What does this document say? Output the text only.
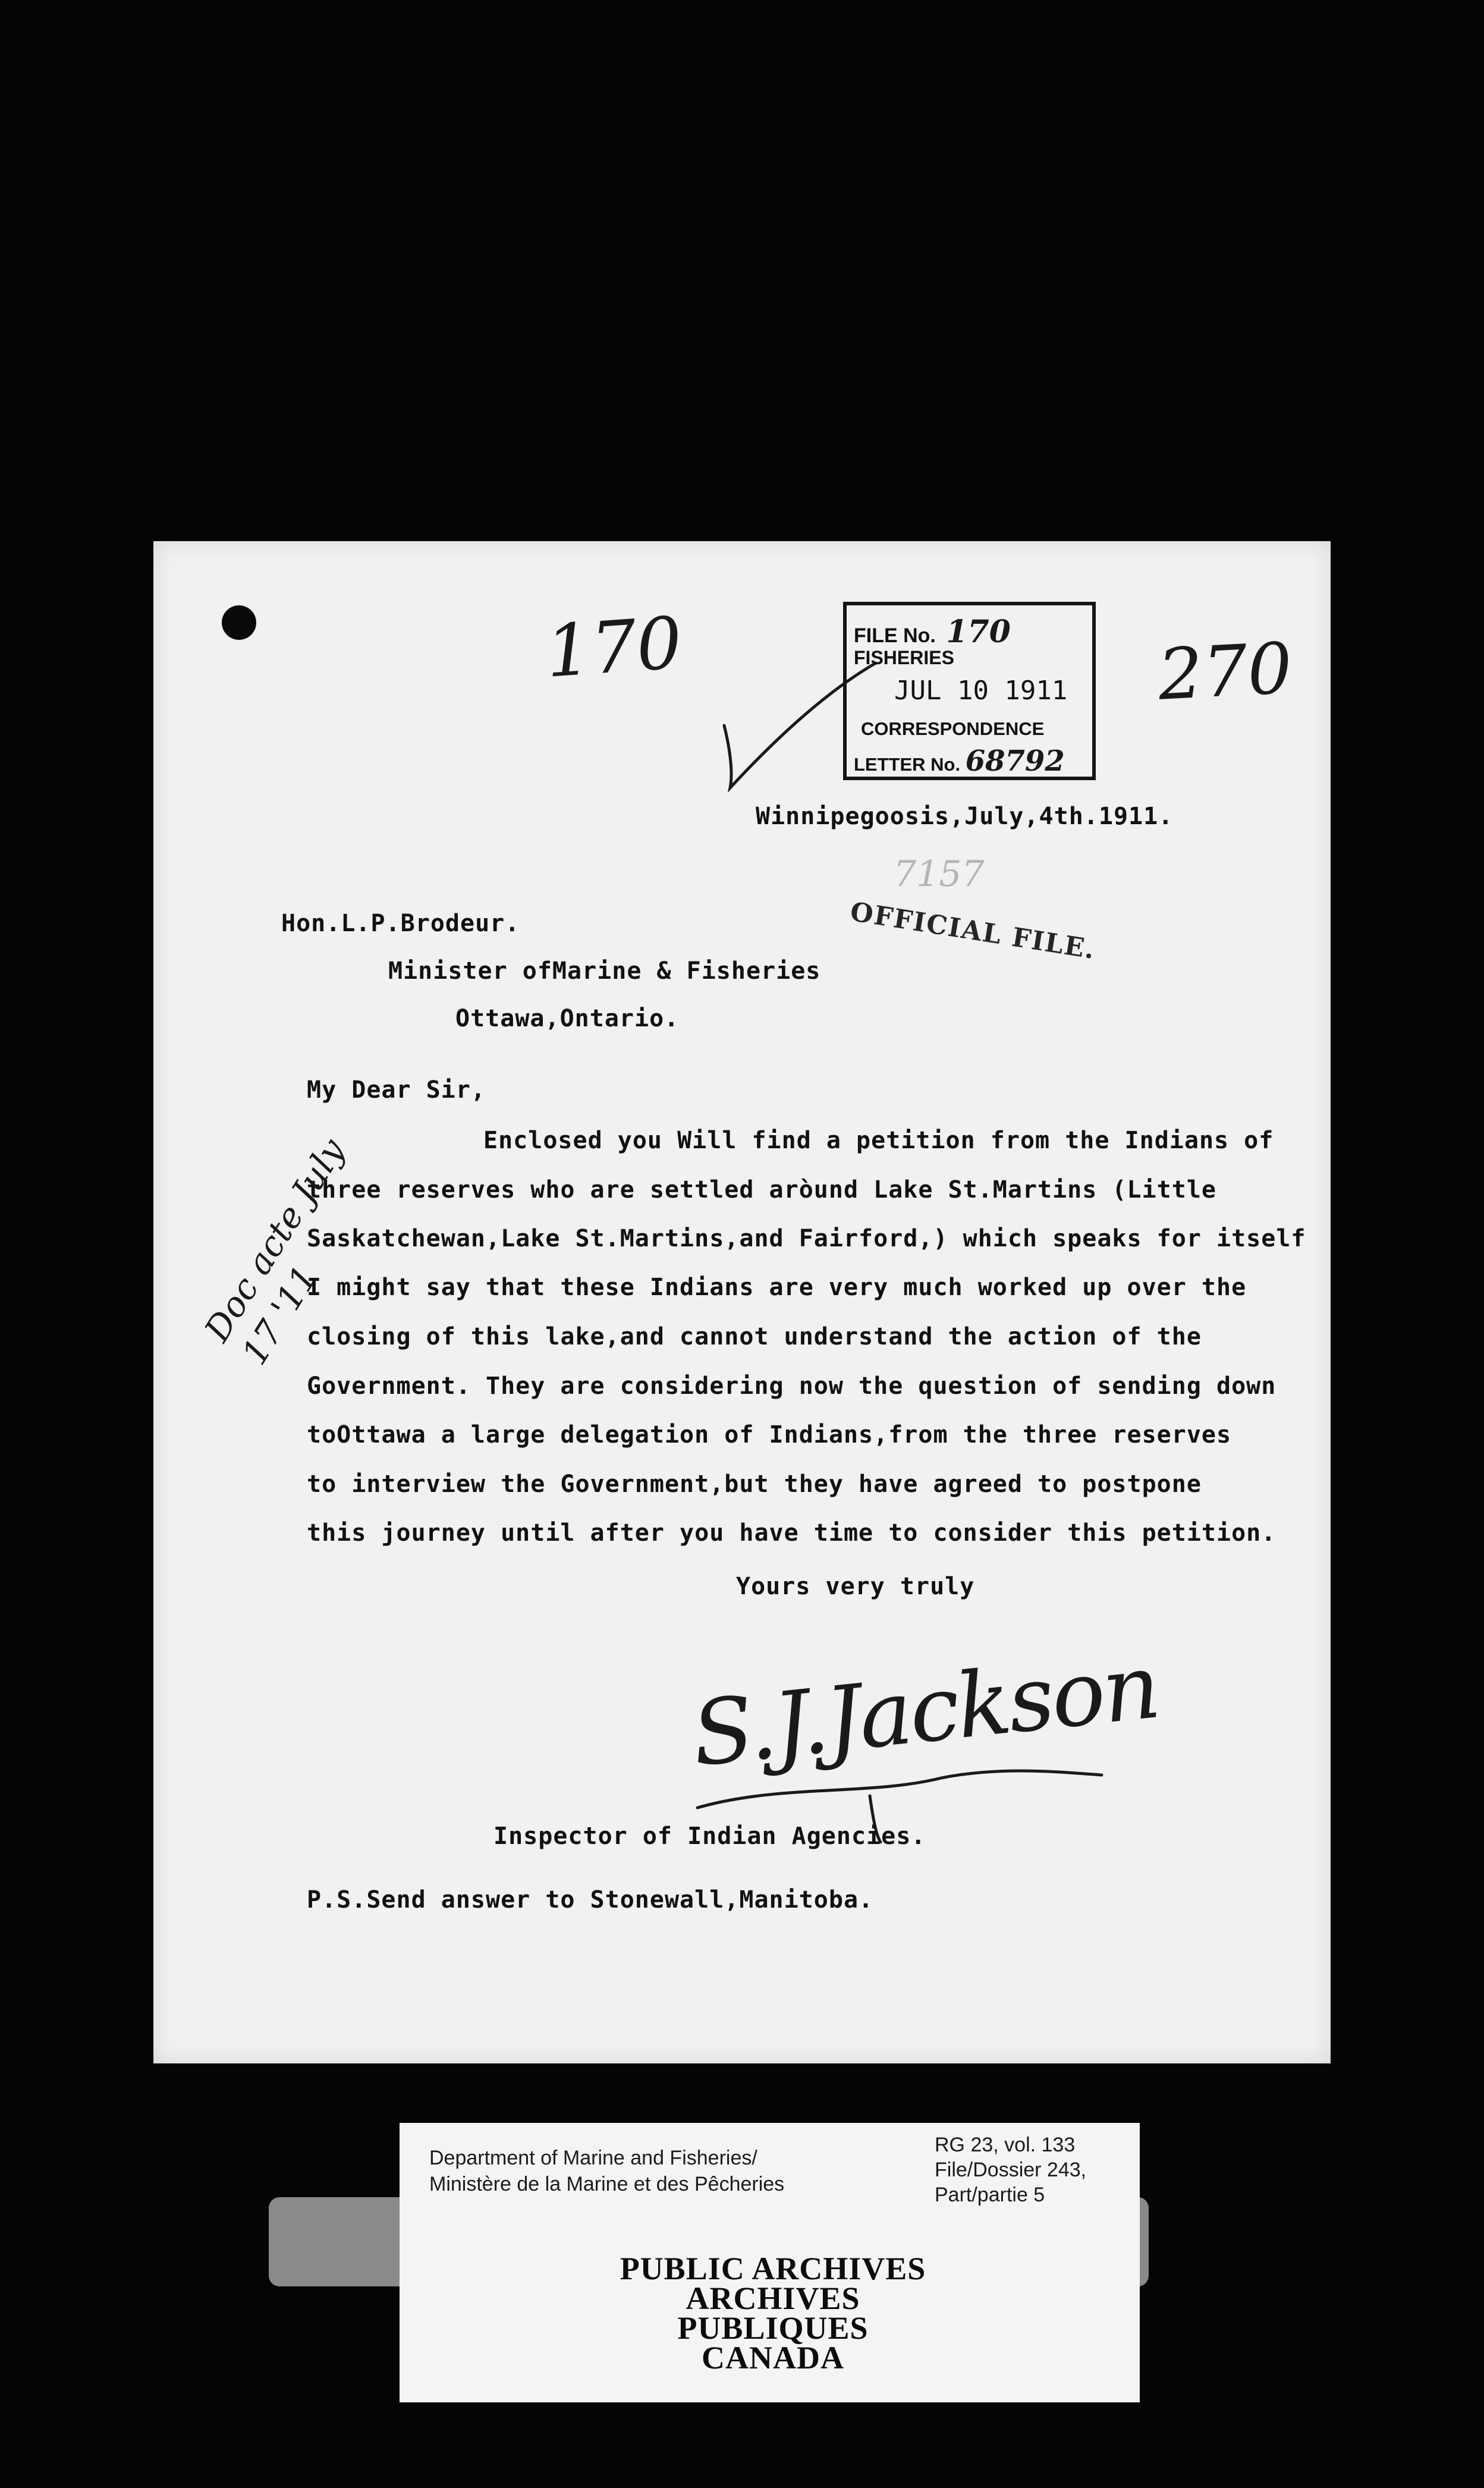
170	270
FILE No. 170
FISHERIES
JUL 10 1911
CORRESPONDENCE
LETTER No. 68792
Winnipegoosis,July,4th.1911.
7157
OFFICIAL FILE.
Hon.L.P.Brodeur.
Minister ofMarine & Fisheries
Ottawa,Ontario.
My Dear Sir,
Enclosed you Will find a petition from the Indians of
three reserves who are settled aròund Lake St.Martins (Little
Saskatchewan,Lake St.Martins,and Fairford,) which speaks for itself
I might say that these Indians are very much worked up over the
closing of this lake,and cannot understand the action of the
Government. They are considering now the question of sending down
toOttawa a large delegation of Indians,from the three reserves
to interview the Government,but they have agreed to postpone
this journey until after you have time to consider this petition.
Doc acte July 17 '11
Yours very truly
S.J.Jackson
Inspector of Indian Agencies.
P.S.Send answer to Stonewall,Manitoba.
Department of Marine and Fisheries/
Ministère de la Marine et des Pêcheries
RG 23, vol. 133
File/Dossier 243,
Part/partie 5
PUBLIC ARCHIVES
ARCHIVES PUBLIQUES
CANADA
